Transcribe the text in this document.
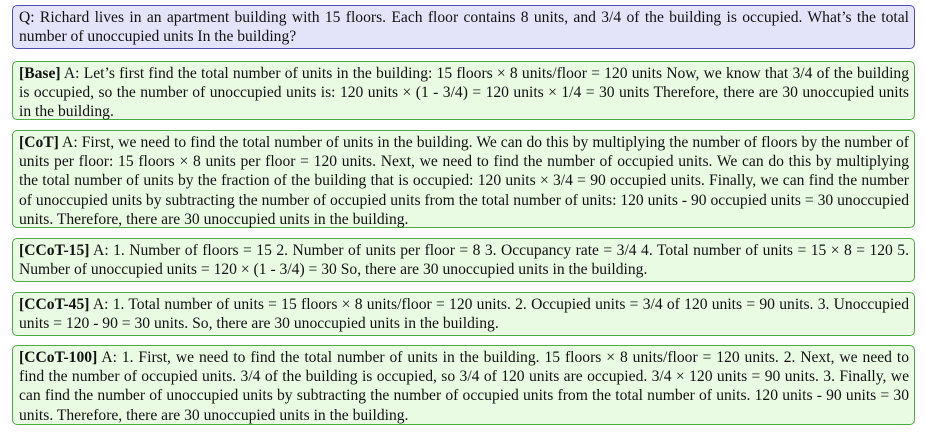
Q: Richard lives in an apartment building with 15 floors. Each floor contains 8 units, and 3/4 of the building is occupied. What’s the total number of unoccupied units In the building?
[Base] A: Let’s first find the total number of units in the building: 15 floors × 8 units/floor = 120 units Now, we know that 3/4 of the building is occupied, so the number of unoccupied units is: 120 units × (1 - 3/4) = 120 units × 1/4 = 30 units Therefore, there are 30 unoccupied units in the building.
[CoT] A: First, we need to find the total number of units in the building. We can do this by multiplying the number of floors by the number of units per floor: 15 floors × 8 units per floor = 120 units. Next, we need to find the number of occupied units. We can do this by multiplying the total number of units by the fraction of the building that is occupied: 120 units × 3/4 = 90 occupied units. Finally, we can find the number of unoccupied units by subtracting the number of occupied units from the total number of units: 120 units - 90 occupied units = 30 unoccupied units. Therefore, there are 30 unoccupied units in the building.
[CCoT-15] A: 1. Number of floors = 15 2. Number of units per floor = 8 3. Occupancy rate = 3/4 4. Total number of units = 15 × 8 = 120 5. Number of unoccupied units = 120 × (1 - 3/4) = 30 So, there are 30 unoccupied units in the building.
[CCoT-45] A: 1. Total number of units = 15 floors × 8 units/floor = 120 units. 2. Occupied units = 3/4 of 120 units = 90 units. 3. Unoccupied units = 120 - 90 = 30 units. So, there are 30 unoccupied units in the building.
[CCoT-100] A: 1. First, we need to find the total number of units in the building. 15 floors × 8 units/floor = 120 units. 2. Next, we need to find the number of occupied units. 3/4 of the building is occupied, so 3/4 of 120 units are occupied. 3/4 × 120 units = 90 units. 3. Finally, we can find the number of unoccupied units by subtracting the number of occupied units from the total number of units. 120 units - 90 units = 30 units. Therefore, there are 30 unoccupied units in the building.
